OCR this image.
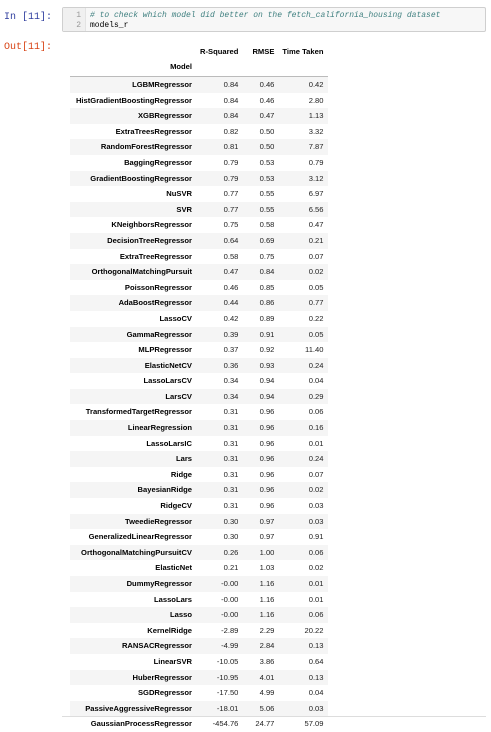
In [11]:	1 # to check which model did better on the fetch_california_housing dataset
2 models_r
Out[11]:
		R-Squared	RMSE	Time Taken
Model			
LGBMRegressor	0.84	0.46	0.42
HistGradientBoostingRegressor	0.84	0.46	2.80
XGBRegressor	0.84	0.47	1.13
ExtraTreesRegressor	0.82	0.50	3.32
RandomForestRegressor	0.81	0.50	7.87
BaggingRegressor	0.79	0.53	0.79
GradientBoostingRegressor	0.79	0.53	3.12
NuSVR	0.77	0.55	6.97
SVR	0.77	0.55	6.56
KNeighborsRegressor	0.75	0.58	0.47
DecisionTreeRegressor	0.64	0.69	0.21
ExtraTreeRegressor	0.58	0.75	0.07
OrthogonalMatchingPursuit	0.47	0.84	0.02
PoissonRegressor	0.46	0.85	0.05
AdaBoostRegressor	0.44	0.86	0.77
LassoCV	0.42	0.89	0.22
GammaRegressor	0.39	0.91	0.05
MLPRegressor	0.37	0.92	11.40
ElasticNetCV	0.36	0.93	0.24
LassoLarsCV	0.34	0.94	0.04
LarsCV	0.34	0.94	0.29
TransformedTargetRegressor	0.31	0.96	0.06
LinearRegression	0.31	0.96	0.16
LassoLarsIC	0.31	0.96	0.01
Lars	0.31	0.96	0.24
Ridge	0.31	0.96	0.07
BayesianRidge	0.31	0.96	0.02
RidgeCV	0.31	0.96	0.03
TweedieRegressor	0.30	0.97	0.03
GeneralizedLinearRegressor	0.30	0.97	0.91
OrthogonalMatchingPursuitCV	0.26	1.00	0.06
ElasticNet	0.21	1.03	0.02
DummyRegressor	-0.00	1.16	0.01
LassoLars	-0.00	1.16	0.01
Lasso	-0.00	1.16	0.06
KernelRidge	-2.89	2.29	20.22
RANSACRegressor	-4.99	2.84	0.13
LinearSVR	-10.05	3.86	0.64
HuberRegressor	-10.95	4.01	0.13
SGDRegressor	-17.50	4.99	0.04
PassiveAggressiveRegressor	-18.01	5.06	0.03
GaussianProcessRegressor	-454.76	24.77	57.09
